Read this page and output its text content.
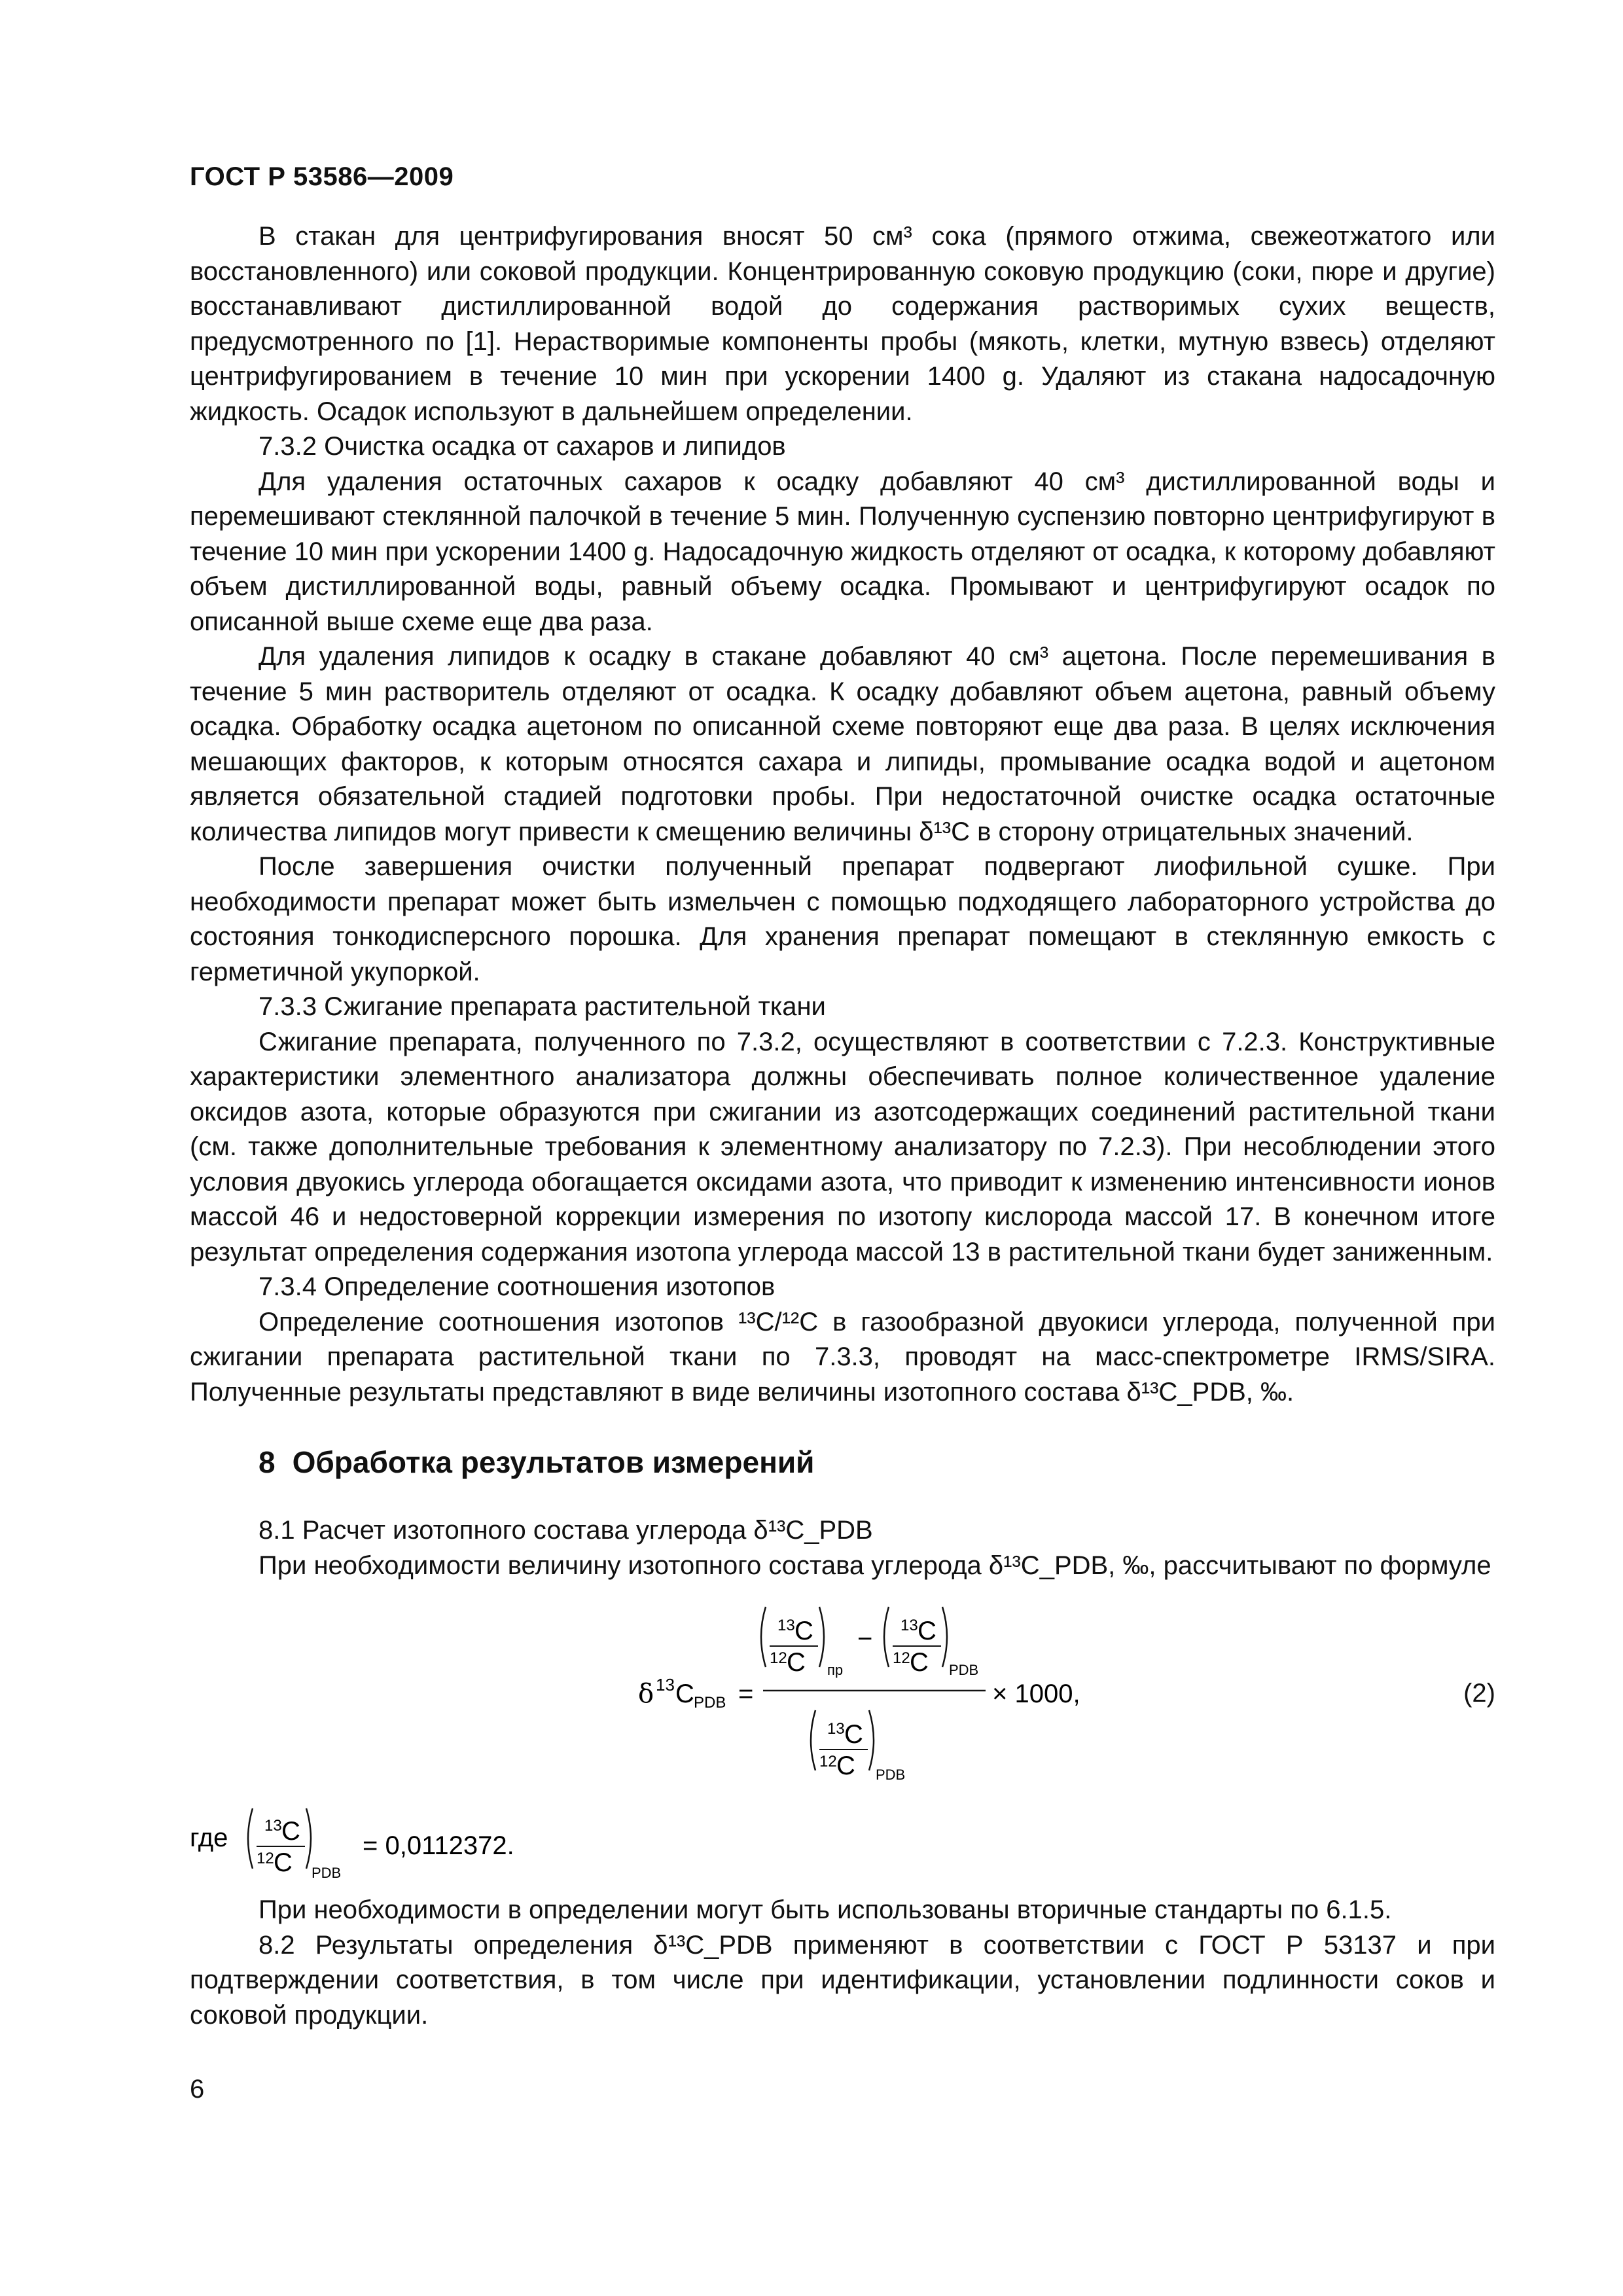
ГОСТ Р 53586—2009

В стакан для центрифугирования вносят 50 см³ сока (прямого отжима, свежеотжатого или восстановленного) или соковой продукции. Концентрированную соковую продукцию (соки, пюре и другие) восстанавливают дистиллированной водой до содержания растворимых сухих веществ, предусмотренного по [1]. Нерастворимые компоненты пробы (мякоть, клетки, мутную взвесь) отделяют центрифугированием в течение 10 мин при ускорении 1400 g. Удаляют из стакана надосадочную жидкость. Осадок используют в дальнейшем определении.

7.3.2 Очистка осадка от сахаров и липидов

Для удаления остаточных сахаров к осадку добавляют 40 см³ дистиллированной воды и перемешивают стеклянной палочкой в течение 5 мин. Полученную суспензию повторно центрифугируют в течение 10 мин при ускорении 1400 g. Надосадочную жидкость отделяют от осадка, к которому добавляют объем дистиллированной воды, равный объему осадка. Промывают и центрифугируют осадок по описанной выше схеме еще два раза.

Для удаления липидов к осадку в стакане добавляют 40 см³ ацетона. После перемешивания в течение 5 мин растворитель отделяют от осадка. К осадку добавляют объем ацетона, равный объему осадка. Обработку осадка ацетоном по описанной схеме повторяют еще два раза. В целях исключения мешающих факторов, к которым относятся сахара и липиды, промывание осадка водой и ацетоном является обязательной стадией подготовки пробы. При недостаточной очистке осадка остаточные количества липидов могут привести к смещению величины δ¹³C в сторону отрицательных значений.

После завершения очистки полученный препарат подвергают лиофильной сушке. При необходимости препарат может быть измельчен с помощью подходящего лабораторного устройства до состояния тонкодисперсного порошка. Для хранения препарат помещают в стеклянную емкость с герметичной укупоркой.

7.3.3 Сжигание препарата растительной ткани

Сжигание препарата, полученного по 7.3.2, осуществляют в соответствии с 7.2.3. Конструктивные характеристики элементного анализатора должны обеспечивать полное количественное удаление оксидов азота, которые образуются при сжигании из азотсодержащих соединений растительной ткани (см. также дополнительные требования к элементному анализатору по 7.2.3). При несоблюдении этого условия двуокись углерода обогащается оксидами азота, что приводит к изменению интенсивности ионов массой 46 и недостоверной коррекции измерения по изотопу кислорода массой 17. В конечном итоге результат определения содержания изотопа углерода массой 13 в растительной ткани будет заниженным.

7.3.4 Определение соотношения изотопов

Определение соотношения изотопов ¹³C/¹²C в газообразной двуокиси углерода, полученной при сжигании препарата растительной ткани по 7.3.3, проводят на масс-спектрометре IRMS/SIRA. Полученные результаты представляют в виде величины изотопного состава δ¹³C_PDB, ‰.

8 Обработка результатов измерений

8.1 Расчет изотопного состава углерода δ¹³C_PDB

При необходимости величину изотопного состава углерода δ¹³C_PDB, ‰, рассчитывают по формуле

δ 13 C PDB =
13 C
12 C пр
− 13 C
12 C PDB
× 1000,
13 C
12 C PDB
(2)
где 13 C
12 C PDB
= 0,0112372.

При необходимости в определении могут быть использованы вторичные стандарты по 6.1.5.

8.2 Результаты определения δ¹³C_PDB применяют в соответствии с ГОСТ Р 53137 и при подтверждении соответствия, в том числе при идентификации, установлении подлинности соков и соковой продукции.

6
